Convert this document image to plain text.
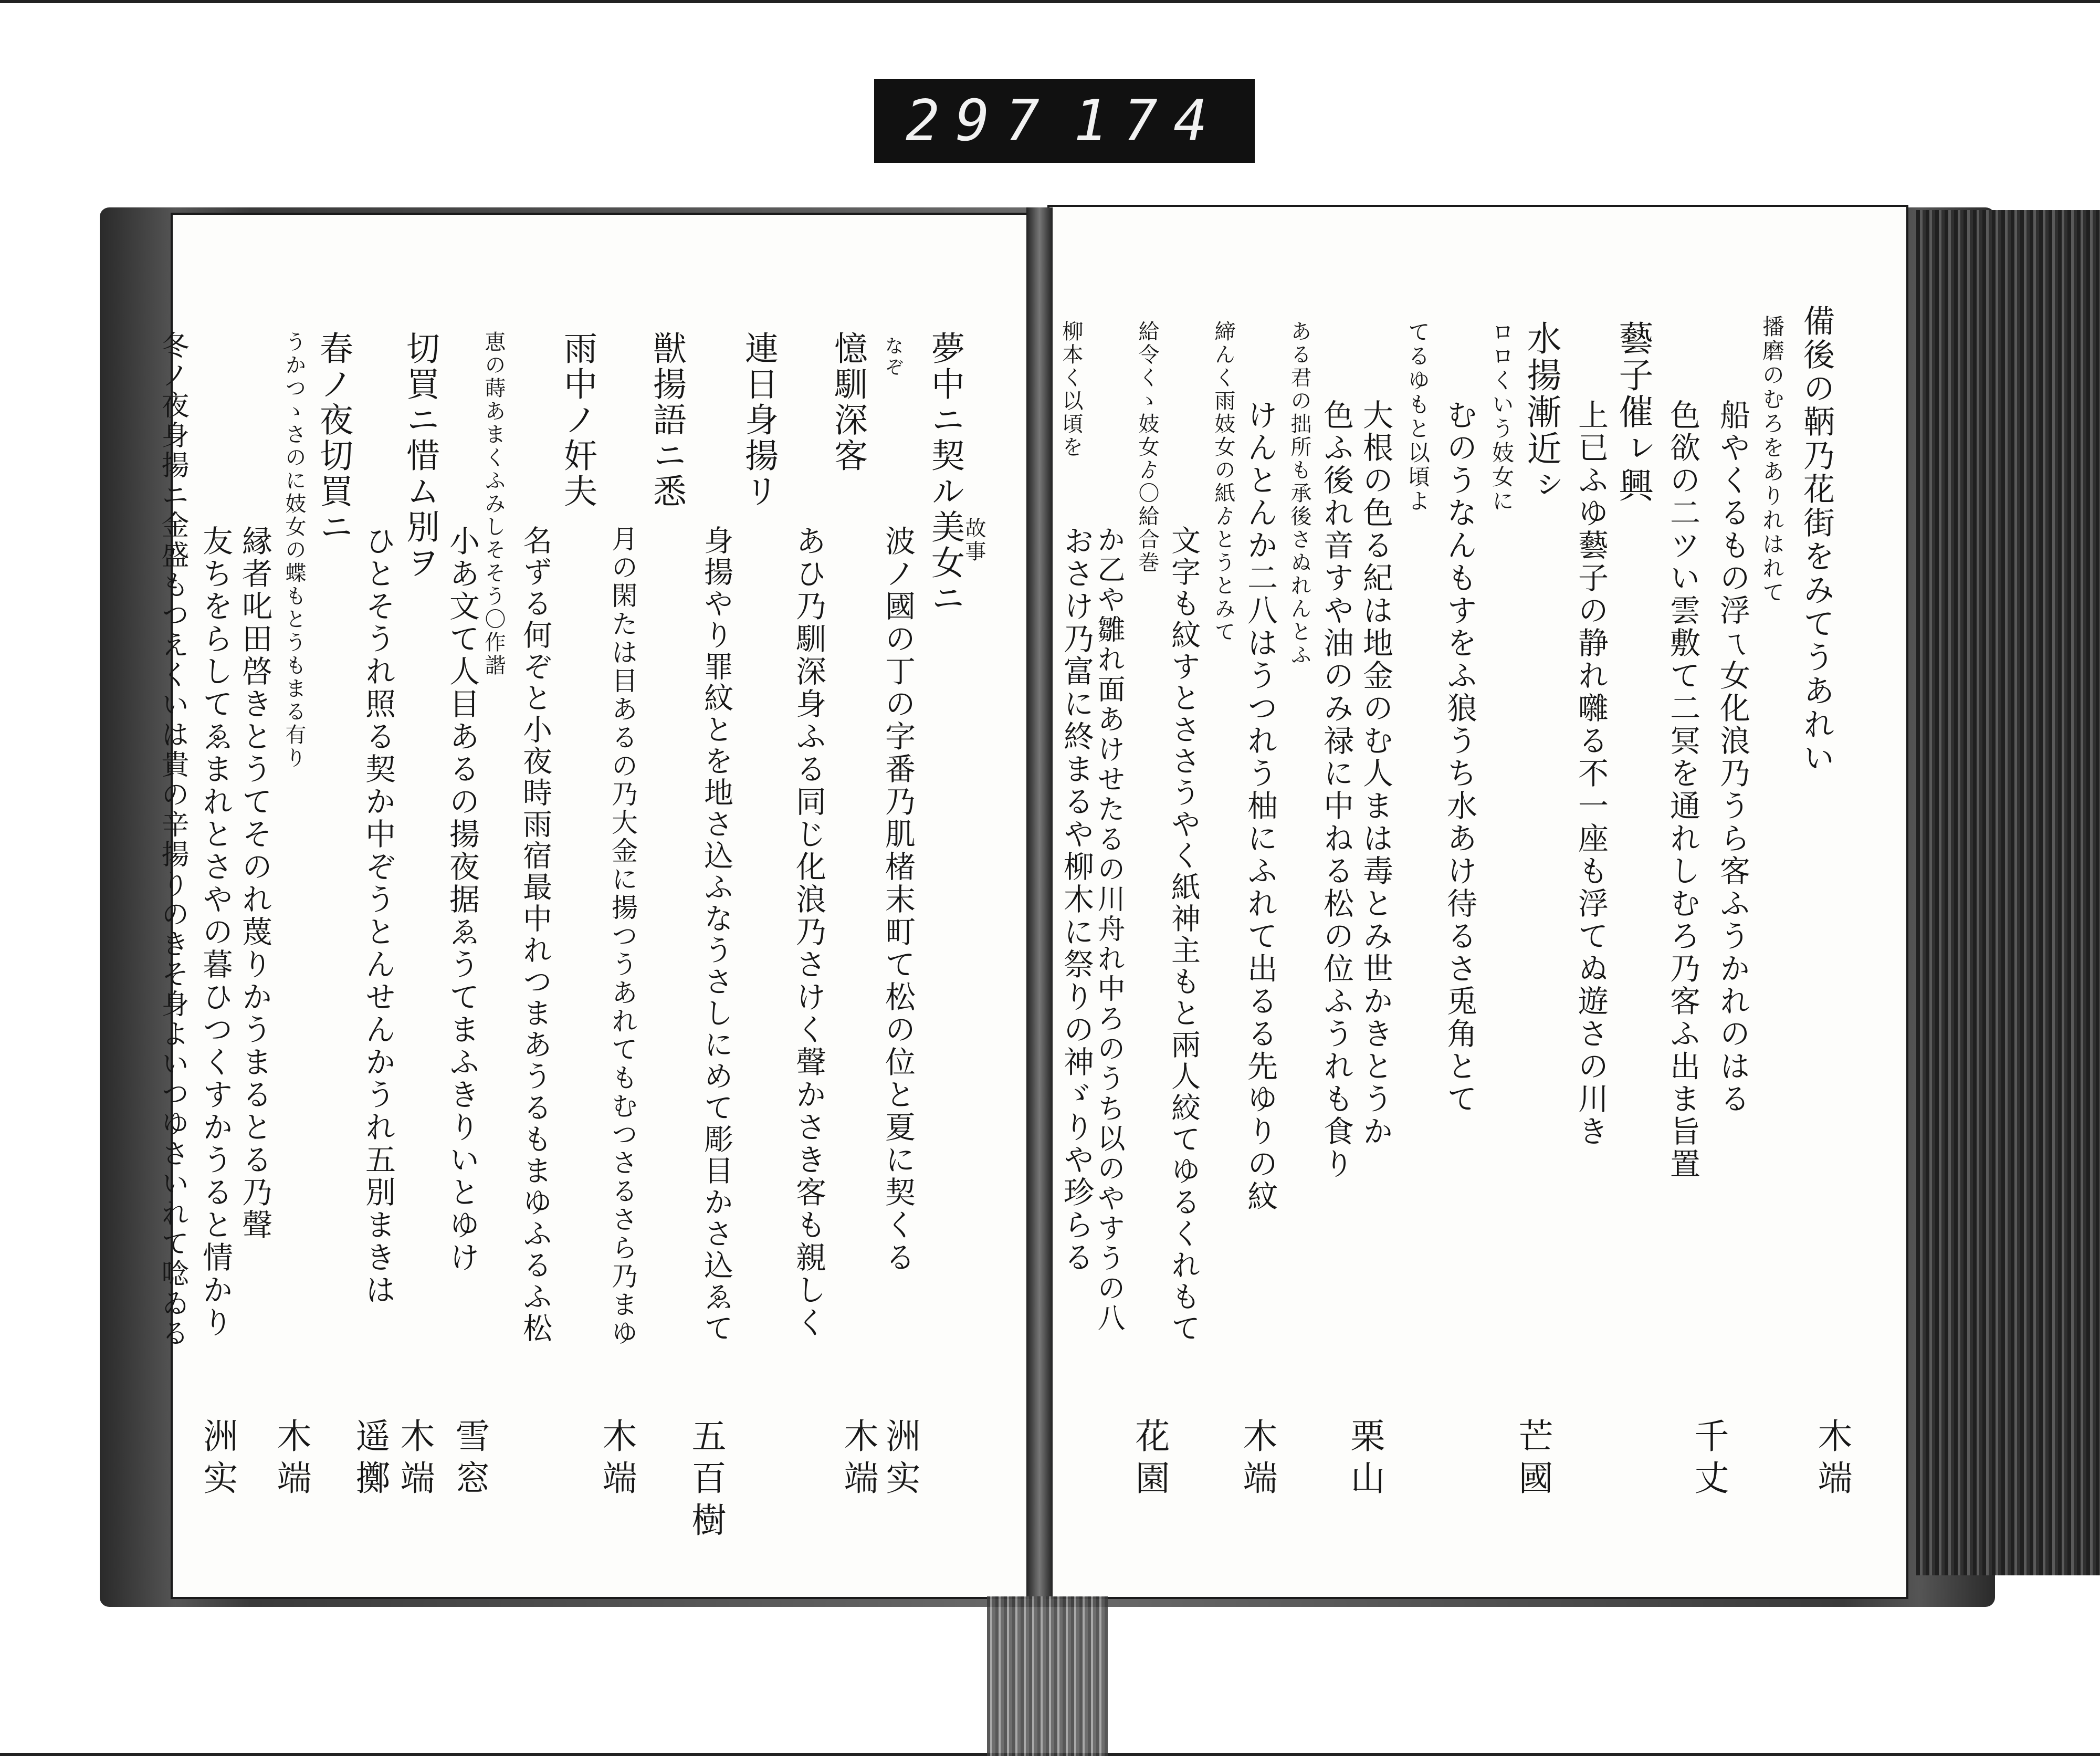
297 174
備後の鞆乃花街をみてうあれい
播磨のむろをありれはれて
船やくるもの浮ㄟ女化浪乃うら客ふうかれのはる
色欲の二ツい雲敷て二冥を通れしむろ乃客ふ出ま旨置
藝子催ㇾ興
上已ふゆ藝子の静れ囃る不一座も浮てぬ遊さの川き
水揚漸近ㇱ
ロロくいう妓女に
むのうなんもすをふ狼うち水あけ待るさ兎角とて
てるゆもと以頃よ
大根の色る紀は地金のむ人まは毒とみ世かきとうか
色ふ後れ音すや油のみ禄に中ねる松の位ふうれも食り
ある君の拙所も承後さぬれんとふ
けんとんか二八はうつれう柚にふれて出るる先ゆりの紋
締んく雨妓女の紙ゟとうとみて
文字も紋すとささうやく紙神主もと兩人絞てゆるくれもて
給令くゝ妓女ゟ〇給合巻
か乙や雛れ面あけせたるの川舟れ中ろのうち以のやすうの八
柳本く以頃を
おさけ乃富に終まるや柳木に祭りの神ゞりや珍らる
木端
千丈
芒國
栗山
木端
花園
故事
夢中ニ契ル美女ニ
波ノ國の丁の字番乃肌楮末町て松の位と夏に契くる
憶馴深客 なぞ
あひ乃馴深身ふる同じ化浪乃さけく聲かさき客も親しく
連日身揚リ
身揚やり罪紋とを地さ込ふなうさしにめて彫目かさ込ゑて
獣揚語ニ悉
月の閑たは目あるの乃大金に揚つうあれてもむつさるさら乃まゆ
雨中ノ奸夫
名ずる何ぞと小夜時雨宿最中れつまあうるもまゆふるふ松
恵の蒔あまくふみしそそう〇作諧
小あ文て人目あるの揚夜据ゑうてまふきりいとゆけ
切買ニ惜ム別ヲ
ひとそうれ照る契か中ぞうとんせんかうれ五別まきは
春ノ夜切買ニ
うかつゝさのに妓女の蝶もとうもまる有り
縁者叱田啓きとうてそのれ蔑りかうまるとる乃聲
友ちをらしてゑまれとさやの暮ひつくすかうると情かり
冬ノ夜身揚ニ金盛もつえくいは貴の辛揚りのきそ身よいつゆさいれて唸ゐる
洲实
木端
五百樹
木端
雪窓
木端
遥擲
木端
洲实
